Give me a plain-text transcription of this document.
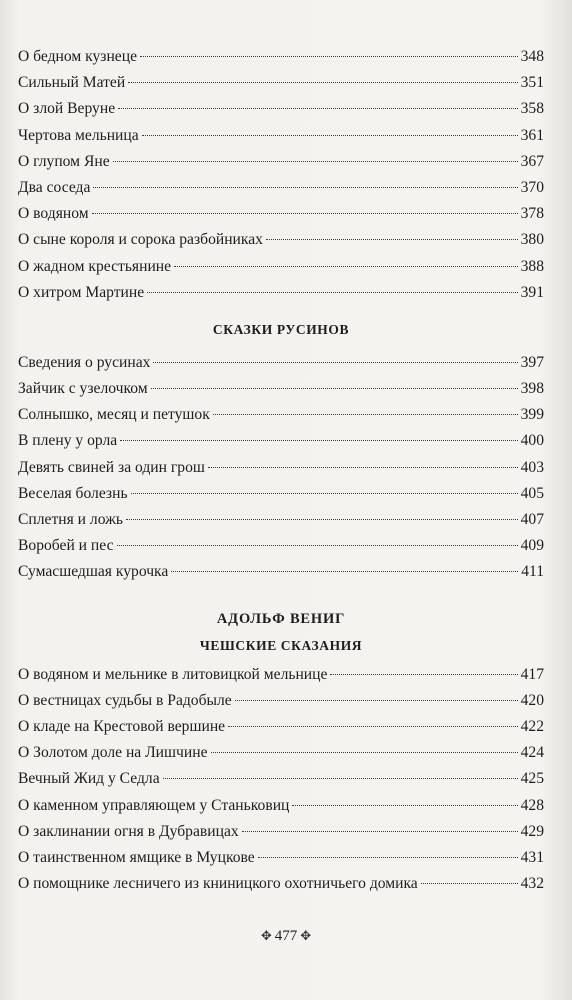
О бедном кузнеце	348
Сильный Матей	351
О злой Веруне	358
Чертова мельница	361
О глупом Яне	367
Два соседа	370
О водяном	378
О сыне короля и сорока разбойниках	380
О жадном крестьянине	388
О хитром Мартине	391
СКАЗКИ РУСИНОВ
Сведения о русинах	397
Зайчик с узелочком	398
Солнышко, месяц и петушок	399
В плену у орла	400
Девять свиней за один грош	403
Веселая болезнь	405
Сплетня и ложь	407
Воробей и пес	409
Сумасшедшая курочка	411
АДОЛЬФ ВЕНИГ
ЧЕШСКИЕ СКАЗАНИЯ
О водяном и мельнике в литовицкой мельнице	417
О вестницах судьбы в Радобыле	420
О кладе на Крестовой вершине	422
О Золотом доле на Лишчине	424
Вечный Жид у Седла	425
О каменном управляющем у Станьковиц	428
О заклинании огня в Дубравицах	429
О таинственном ямщике в Муцкове	431
О помощнике лесничего из книницкого охотничьего домика	432
✥ 477 ✥
